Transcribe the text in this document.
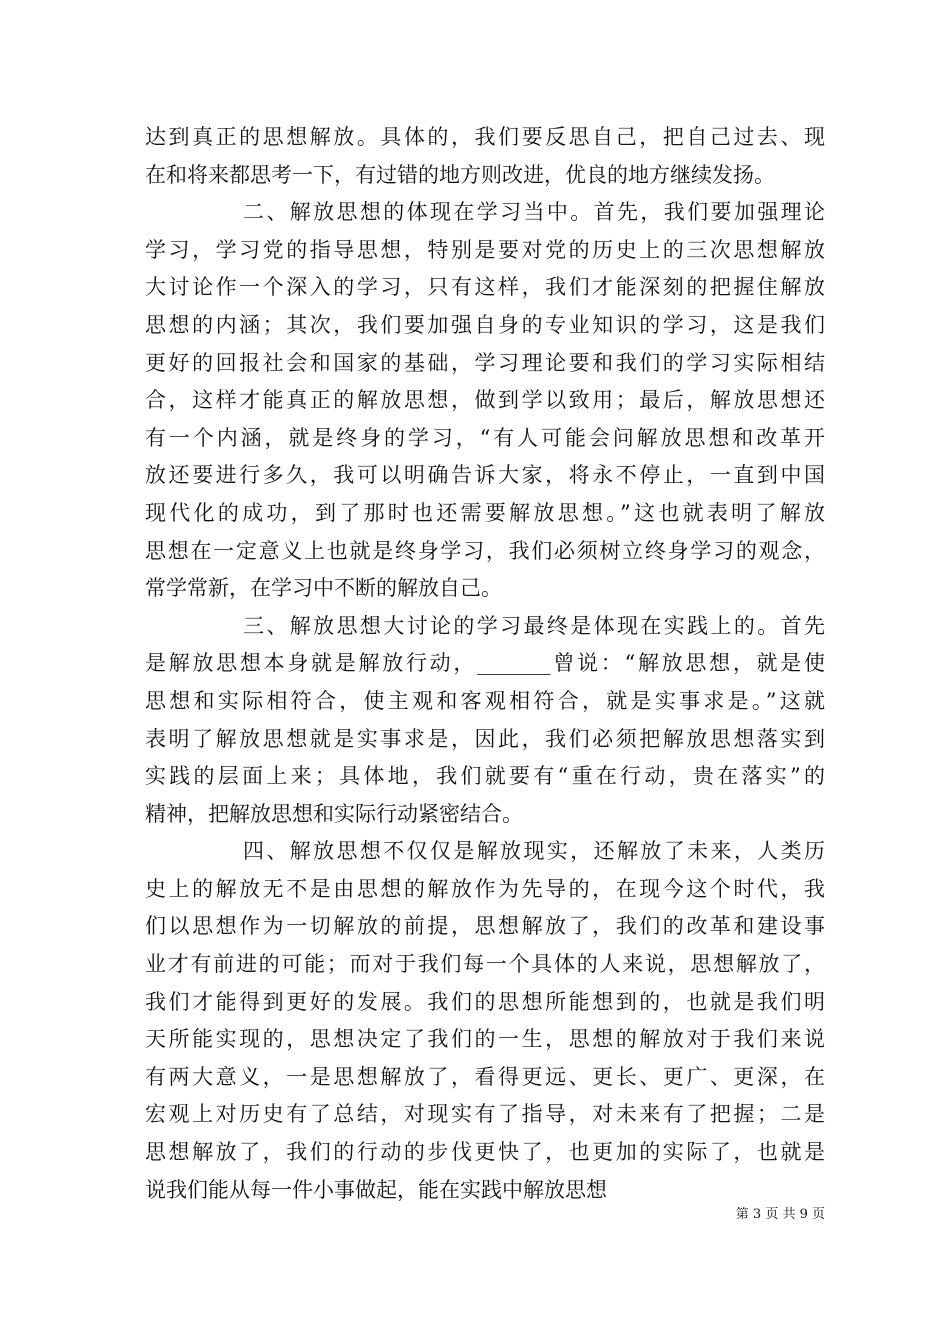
达到真正的思想解放。具体的，我们要反思自己，把自己过去、现
在和将来都思考一下，有过错的地方则改进，优良的地方继续发扬。
二、解放思想的体现在学习当中。首先，我们要加强理论
学习，学习党的指导思想，特别是要对党的历史上的三次思想解放
大讨论作一个深入的学习，只有这样，我们才能深刻的把握住解放
思想的内涵；其次，我们要加强自身的专业知识的学习，这是我们
更好的回报社会和国家的基础，学习理论要和我们的学习实际相结
合，这样才能真正的解放思想，做到学以致用；最后，解放思想还
有一个内涵，就是终身的学习，“有人可能会问解放思想和改革开
放还要进行多久，我可以明确告诉大家，将永不停止，一直到中国
现代化的成功，到了那时也还需要解放思想。”这也就表明了解放
思想在一定意义上也就是终身学习，我们必须树立终身学习的观念，
常学常新，在学习中不断的解放自己。
三、解放思想大讨论的学习最终是体现在实践上的。首先
是解放思想本身就是解放行动，_______曾说：“解放思想，就是使
思想和实际相符合，使主观和客观相符合，就是实事求是。”这就
表明了解放思想就是实事求是，因此，我们必须把解放思想落实到
实践的层面上来；具体地，我们就要有“重在行动，贵在落实”的
精神，把解放思想和实际行动紧密结合。
四、解放思想不仅仅是解放现实，还解放了未来，人类历
史上的解放无不是由思想的解放作为先导的，在现今这个时代，我
们以思想作为一切解放的前提，思想解放了，我们的改革和建设事
业才有前进的可能；而对于我们每一个具体的人来说，思想解放了，
我们才能得到更好的发展。我们的思想所能想到的，也就是我们明
天所能实现的，思想决定了我们的一生，思想的解放对于我们来说
有两大意义，一是思想解放了，看得更远、更长、更广、更深，在
宏观上对历史有了总结，对现实有了指导，对未来有了把握；二是
思想解放了，我们的行动的步伐更快了，也更加的实际了，也就是
说我们能从每一件小事做起，能在实践中解放思想
第 3 页 共 9 页
